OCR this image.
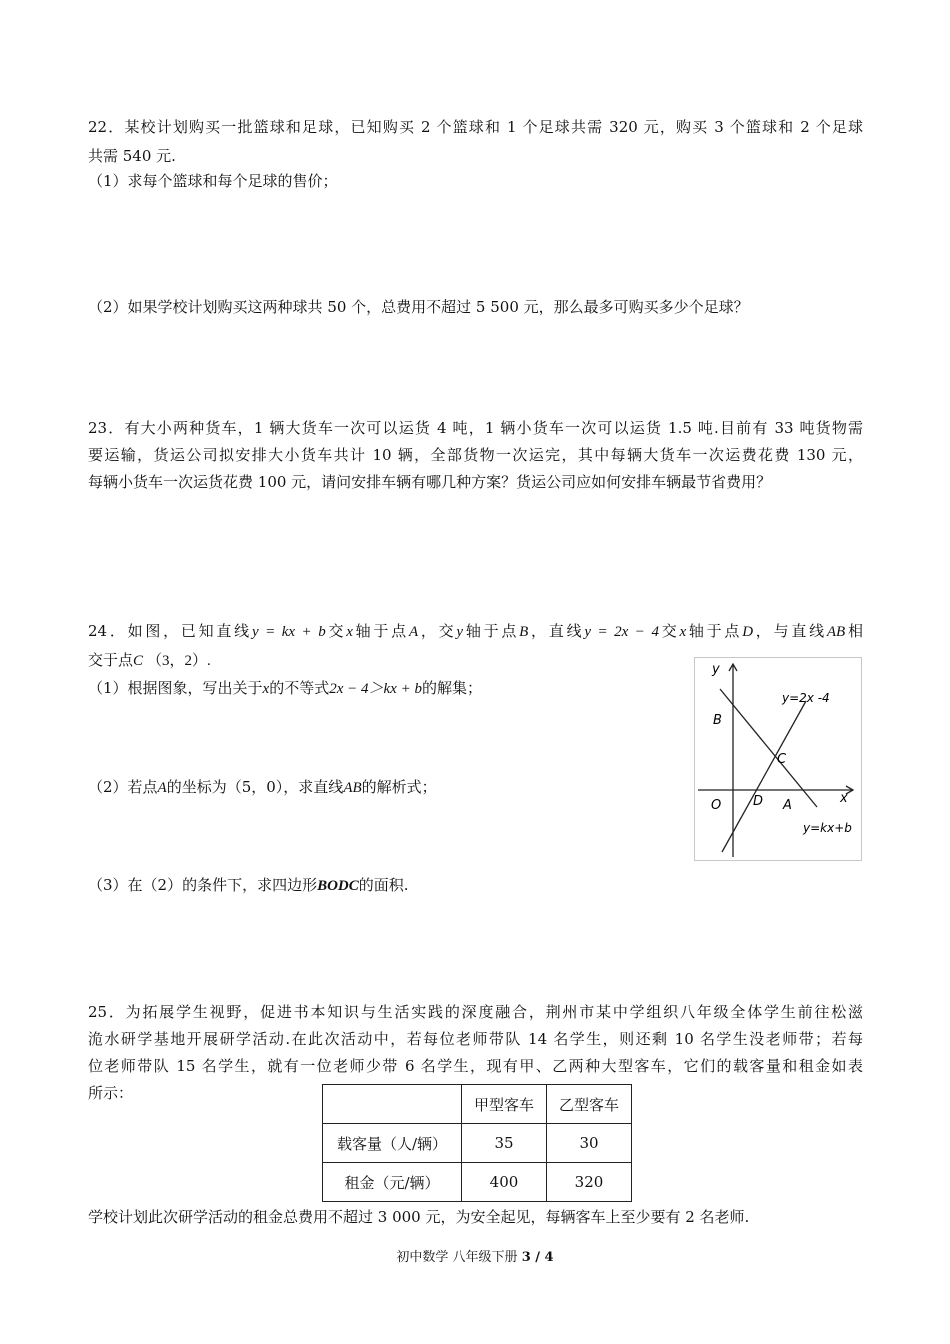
22．某校计划购买一批篮球和足球，已知购买 2 个篮球和 1 个足球共需 320 元，购买 3 个篮球和 2 个足球
共需 540 元.
（1）求每个篮球和每个足球的售价；
（2）如果学校计划购买这两种球共 50 个，总费用不超过 5 500 元，那么最多可购买多少个足球？
23．有大小两种货车，1 辆大货车一次可以运货 4 吨，1 辆小货车一次可以运货 1.5 吨.目前有 33 吨货物需
要运输，货运公司拟安排大小货车共计 10 辆，全部货物一次运完，其中每辆大货车一次运费花费 130 元，
每辆小货车一次运货花费 100 元，请问安排车辆有哪几种方案？货运公司应如何安排车辆最节省费用？
24．如图，已知直线y = kx + b交x轴于点A，交y轴于点B，直线y = 2x − 4交x轴于点D，与直线AB相
交于点C （3，2）.
（1）根据图象，写出关于x的不等式2x − 4＞kx + b的解集；
（2）若点A的坐标为（5，0），求直线AB的解析式；
（3）在（2）的条件下，求四边形BODC的面积.
y
x
O
B
C
D A
y=2x -4
y=kx+b
25．为拓展学生视野，促进书本知识与生活实践的深度融合，荆州市某中学组织八年级全体学生前往松滋
洈水研学基地开展研学活动.在此次活动中，若每位老师带队 14 名学生，则还剩 10 名学生没老师带；若每
位老师带队 15 名学生，就有一位老师少带 6 名学生，现有甲、乙两种大型客车，它们的载客量和租金如表
所示：
	甲型客车	乙型客车
载客量（人/辆）	35	30
租金（元/辆）	400	320
学校计划此次研学活动的租金总费用不超过 3 000 元，为安全起见，每辆客车上至少要有 2 名老师.
初中数学 八年级下册 3 / 4
